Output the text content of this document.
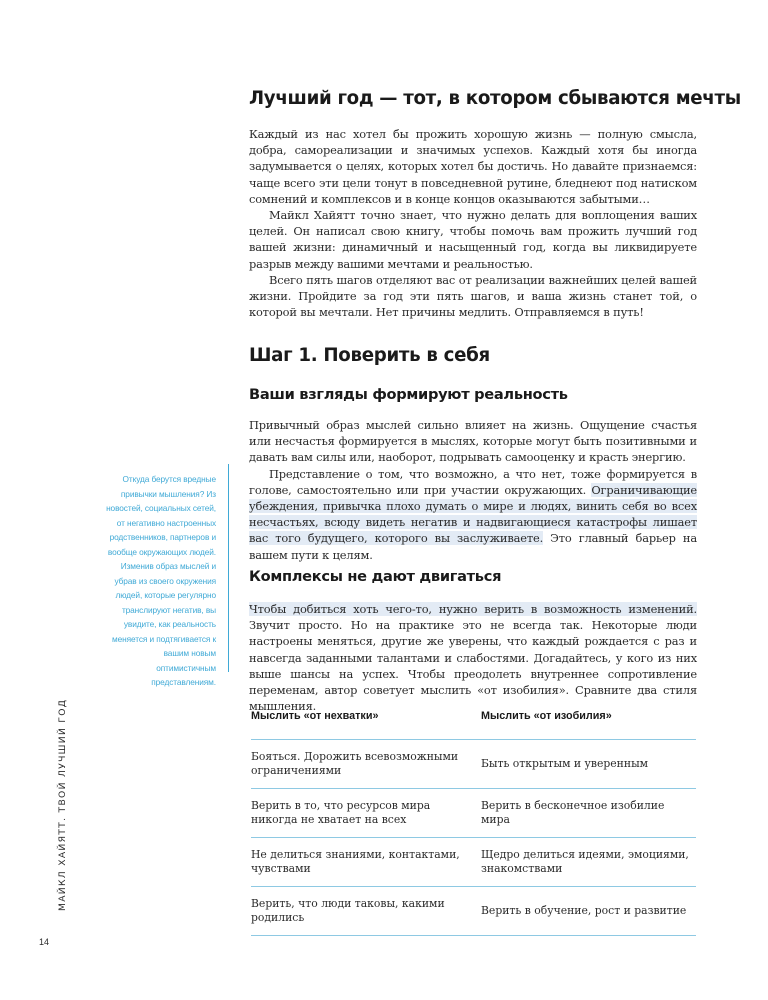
Лучший год — тот, в котором сбываются мечты

Каждый из нас хотел бы прожить хорошую жизнь — полную смысла, добра, самореализации и значимых успехов. Каждый хотя бы иногда задумывается о целях, которых хотел бы достичь. Но давайте признаемся: чаще всего эти цели тонут в повседневной рутине, бледнеют под натиском сомнений и комплексов и в конце концов оказываются забытыми…

Майкл Хайятт точно знает, что нужно делать для воплощения ваших целей. Он написал свою книгу, чтобы помочь вам прожить лучший год вашей жизни: динамичный и насыщенный год, когда вы ликвидируете разрыв между вашими мечтами и реальностью.

Всего пять шагов отделяют вас от реализации важнейших целей вашей жизни. Пройдите за год эти пять шагов, и ваша жизнь станет той, о которой вы мечтали. Нет причины медлить. Отправляемся в путь!

Шаг 1. Поверить в себя
Ваши взгляды формируют реальность

Привычный образ мыслей сильно влияет на жизнь. Ощущение счастья или несчастья формируется в мыслях, которые могут быть позитивными и давать вам силы или, наоборот, подрывать самооценку и красть энергию.

Представление о том, что возможно, а что нет, тоже формируется в голове, самостоятельно или при участии окружающих. Ограничивающие убеждения, привычка плохо думать о мире и людях, винить себя во всех несчастьях, всюду видеть негатив и надвигающиеся катастрофы лишает вас того будущего, которого вы заслуживаете. Это главный барьер на вашем пути к целям.

Комплексы не дают двигаться

Чтобы добиться хоть чего-то, нужно верить в возможность изменений. Звучит просто. Но на практике это не всегда так. Некоторые люди настроены меняться, другие же уверены, что каждый рождается с раз и навсегда заданными талантами и слабостями. Догадайтесь, у кого из них выше шансы на успех. Чтобы преодолеть внутреннее сопротивление переменам, автор советует мыслить «от изобилия». Сравните два стиля мышления.

Откуда берутся вредные привычки мышления? Из новостей, социальных сетей, от негативно настроенных родственников, партнеров и вообще окружающих людей. Изменив образ мыслей и убрав из своего окружения людей, которые регулярно транслируют негатив, вы увидите, как реальность меняется и подтягивается к вашим новым оптимистичным представлениям.
Мыслить «от нехватки»	Мыслить «от изобилия»
Бояться. Дорожить всевозможными ограничениями	Быть открытым и уверенным
Верить в то, что ресурсов мира никогда не хватает на всех	Верить в бесконечное изобилие мира
Не делиться знаниями, контактами, чувствами	Щедро делиться идеями, эмоциями, знакомствами
Верить, что люди таковы, какими родились	Верить в обучение, рост и развитие
МАЙКЛ ХАЙЯТТ. ТВОЙ ЛУЧШИЙ ГОД
14
